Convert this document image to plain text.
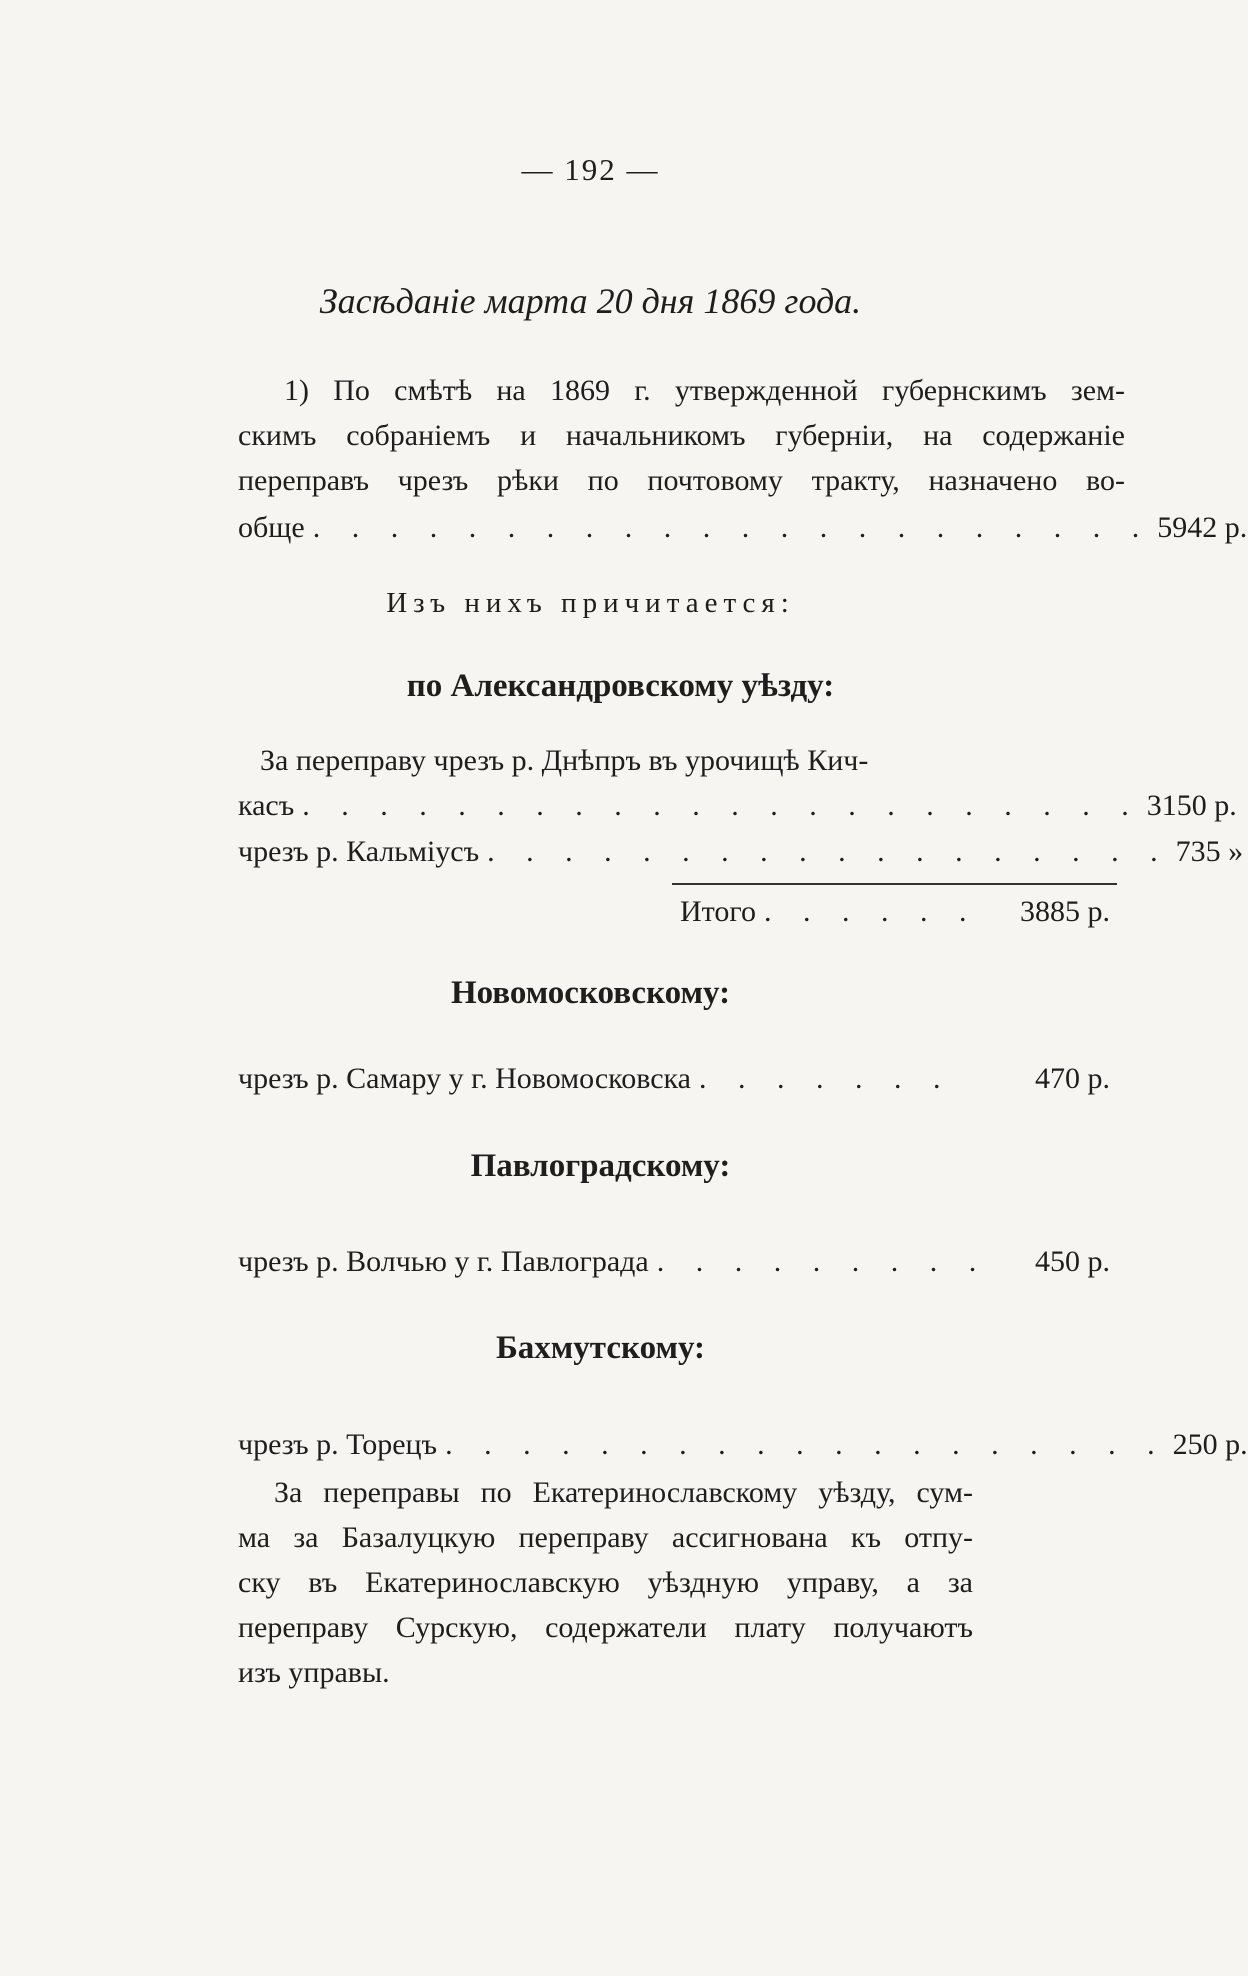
— 192 —
Засѣданіе марта 20 дня 1869 года.
1) По смѣтѣ на 1869 г. утвержденной губернскимъ зем-
скимъ собраніемъ и начальникомъ губерніи, на содержаніе
переправъ чрезъ рѣки по почтовому тракту, назначено во-
обще . . . . . . . . . . . . . . . . . . . . . . 5942 р.
Изъ нихъ причитается:
по Александровскому уѣзду:
За переправу чрезъ р. Днѣпръ въ урочищѣ Кич-
касъ . . . . . . . . . . . . . . . . . . . . . . 3150 р.
чрезъ р. Кальміусъ . . . . . . . . . . . . . . . . . . 735 »
Итого . . . . . .	3885 р.
Новомосковскому:
чрезъ р. Самару у г. Новомосковска . . . . . . .	470 р.
Павлоградскому:
чрезъ р. Волчью у г. Павлограда . . . . . . . . .	450 р.
Бахмутскому:
чрезъ р. Торецъ . . . . . . . . . . . . . . . . . . . 250 р.
За переправы по Екатеринославскому уѣзду, сум-
ма за Базалуцкую переправу ассигнована къ отпу-
ску въ Екатеринославскую уѣздную управу, а за
переправу Сурскую, содержатели плату получаютъ
изъ управы.
